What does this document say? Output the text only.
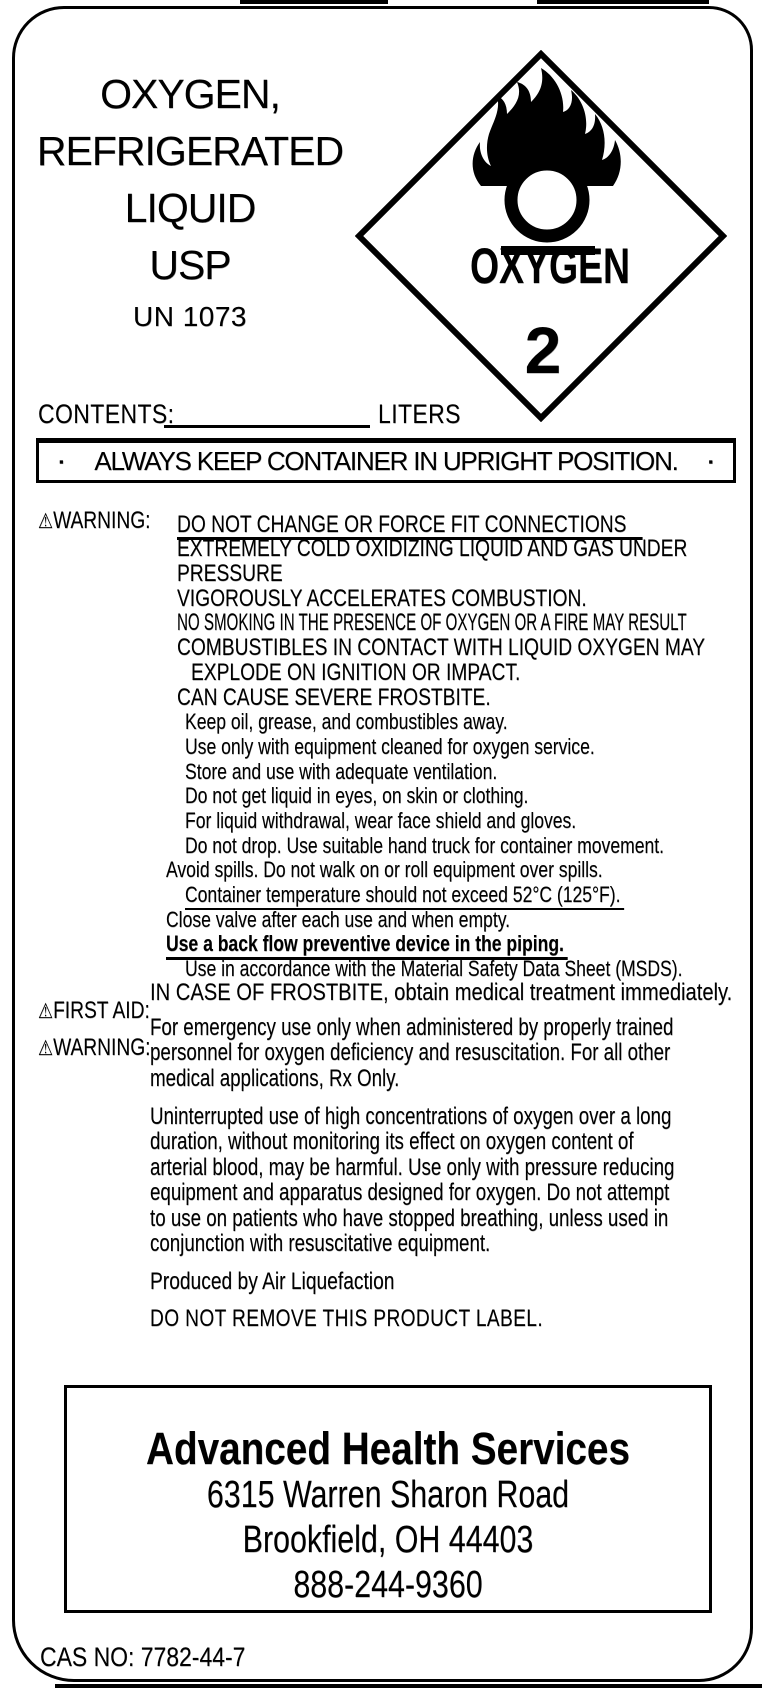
OXYGEN,
REFRIGERATED
LIQUID
USP
UN 1073
OXYGEN
2
CONTENTS:	LITERS
▪ ALWAYS KEEP CONTAINER IN UPRIGHT POSITION. ▪

⚠WARNING:
	DO NOT CHANGE OR FORCE FIT CONNECTIONS

EXTREMELY COLD OXIDIZING LIQUID AND GAS UNDER

PRESSURE

VIGOROUSLY ACCELERATES COMBUSTION.

NO SMOKING IN THE PRESENCE OF OXYGEN OR A FIRE MAY RESULT

COMBUSTIBLES IN CONTACT WITH LIQUID OXYGEN MAY

EXPLODE ON IGNITION OR IMPACT.

CAN CAUSE SEVERE FROSTBITE.

Keep oil, grease, and combustibles away.

Use only with equipment cleaned for oxygen service.

Store and use with adequate ventilation.

Do not get liquid in eyes, on skin or clothing.

For liquid withdrawal, wear face shield and gloves.

Do not drop. Use suitable hand truck for container movement.

Avoid spills. Do not walk on or roll equipment over spills.

Container temperature should not exceed 52°C (125°F).

Close valve after each use and when empty.

Use a back flow preventive device in the piping.

Use in accordance with the Material Safety Data Sheet (MSDS).

⚠FIRST AID:

IN CASE OF FROSTBITE, obtain medical treatment immediately.

⚠WARNING:

For emergency use only when administered by properly trained
personnel for oxygen deficiency and resuscitation. For all other
medical applications, Rx Only.
Uninterrupted use of high concentrations of oxygen over a long
duration, without monitoring its effect on oxygen content of
arterial blood, may be harmful. Use only with pressure reducing
equipment and apparatus designed for oxygen. Do not attempt
to use on patients who have stopped breathing, unless used in
conjunction with resuscitative equipment.
Produced by Air Liquefaction
DO NOT REMOVE THIS PRODUCT LABEL.
Advanced Health Services
6315 Warren Sharon Road
Brookfield, OH 44403
888-244-9360
CAS NO: 7782-44-7
